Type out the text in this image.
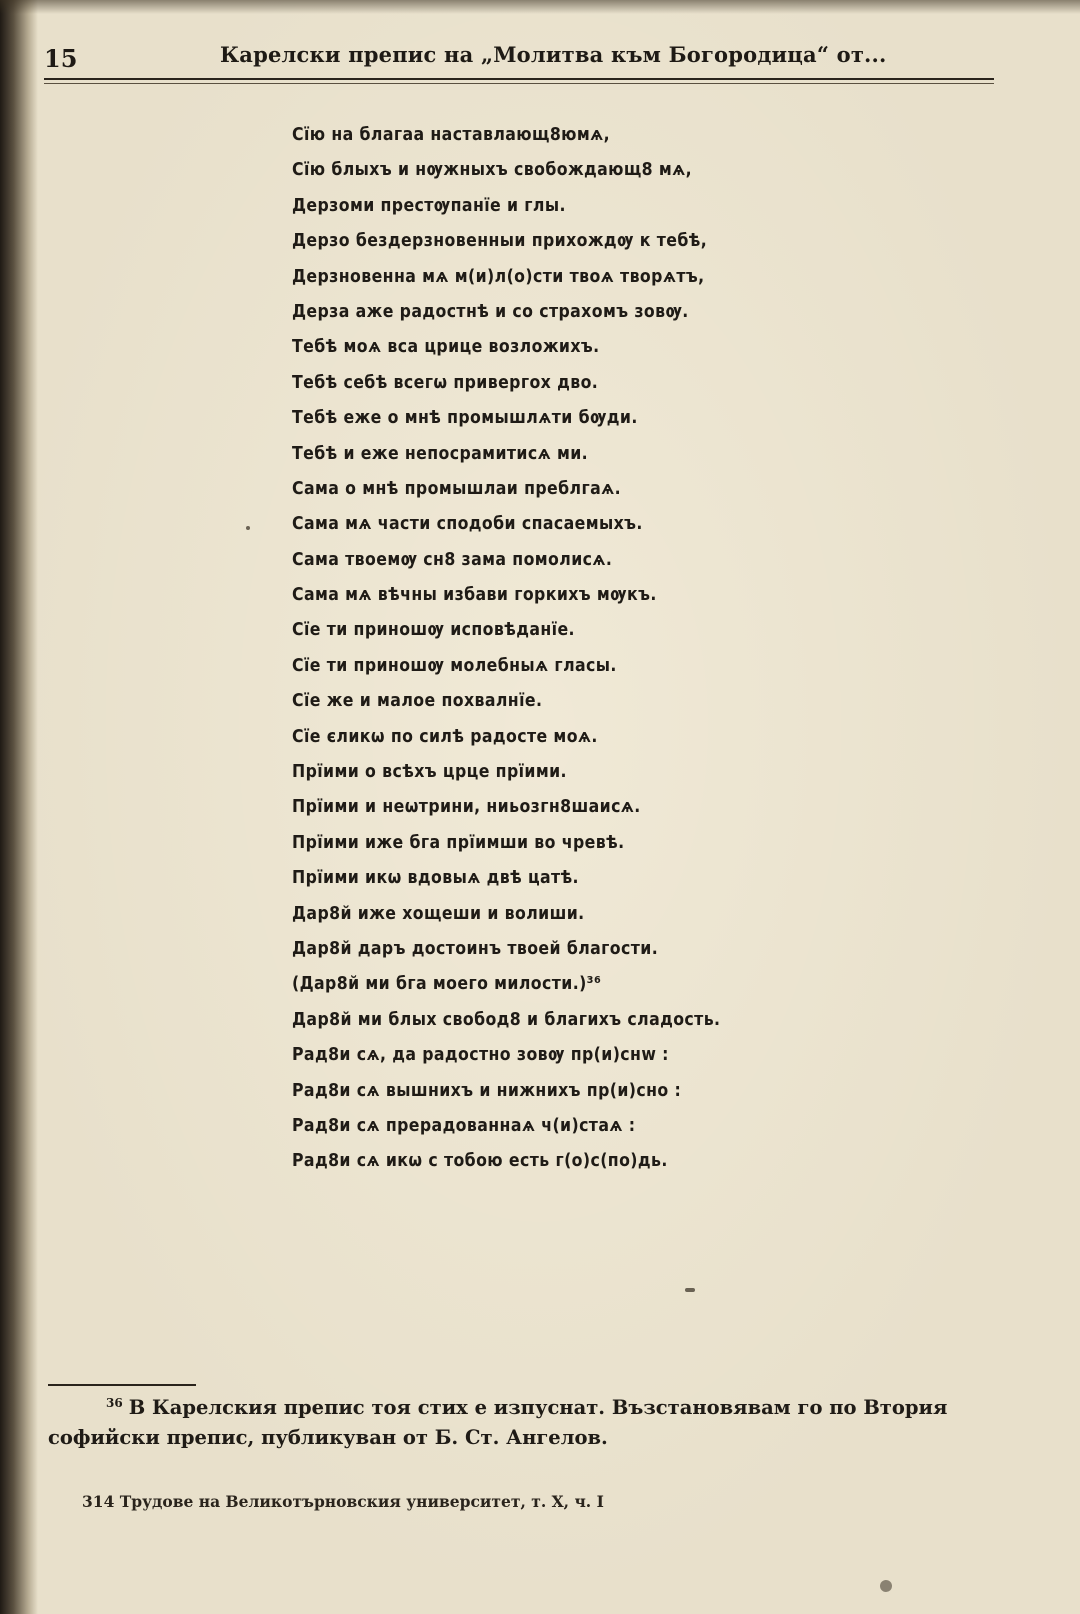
15	Карелски препис на „Молитва към Богородица“ от...
Сїю на благаа наставлающ8юмѧ,
Сїю блыхъ и нѹжныхъ свобождающ8 мѧ,
Дерзоми престѹпанїе и глы.
Дерзо бездерзновенныи прихождѹ к тебѣ,
Дерзновенна мѧ м(и)л(о)сти твоѧ творѧтъ,
Дерза аже радостнѣ и со страхомъ зовѹ.
Тебѣ моѧ вса црице возложихъ.
Тебѣ себѣ всегѡ привергох дво.
Тебѣ еже о мнѣ промышлѧти бѹди.
Тебѣ и еже непосрамитисѧ ми.
Сама о мнѣ промышлаи преблгаѧ.
Сама мѧ части сподоби спасаемыхъ.
Сама твоемѹ сн8 зама помолисѧ.
Сама мѧ вѣчны избави горкихъ мѹкъ.
Сїе ти приношѹ исповѣданїе.
Сїе ти приношѹ молебныѧ гласы.
Сїе же и малое похвалнїе.
Сїе єликѡ по силѣ радосте моѧ.
Прїими о всѣхъ црце прїими.
Прїими и неѡтрини, ниьозгн8шаисѧ.
Прїими иже бга прїимши во чревѣ.
Прїими икѡ вдовыѧ двѣ цатѣ.
Дар8й иже хощеши и волиши.
Дар8й даръ достоинъ твоей благости.
(Дар8й ми бга моего милости.)³⁶
Дар8й ми блых свобод8 и благихъ сладость.
Рад8и сѧ, да радостно зовѹ пр(и)снw :
Рад8и сѧ вышнихъ и нижнихъ пр(и)сно :
Рад8и сѧ прерадованнаѧ ч(и)стаѧ :
Рад8и сѧ икѡ с тобою есть г(о)с(по)дь.
$^{36}$ В Карелския препис тоя стих е изпуснат. Възстановявам го по Втория софийски препис, публикуван от Б. Ст. Ангелов.
314 Трудове на Великотърновския университет, т. X, ч. I
